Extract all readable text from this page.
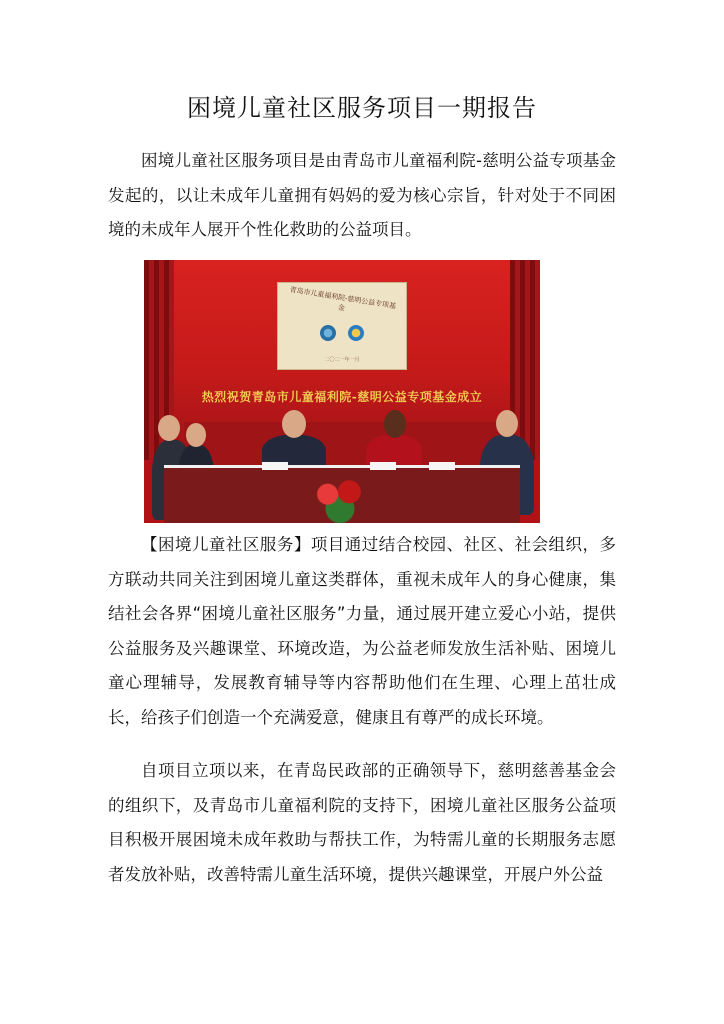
困境儿童社区服务项目一期报告

困境儿童社区服务项目是由青岛市儿童福利院-慈明公益专项基金发起的，以让未成年儿童拥有妈妈的爱为核心宗旨，针对处于不同困境的未成年人展开个性化救助的公益项目。

青岛市儿童福利院-慈明公益专项基金
二〇二一年一月
热烈祝贺青岛市儿童福利院-慈明公益专项基金成立

【困境儿童社区服务】项目通过结合校园、社区、社会组织，多方联动共同关注到困境儿童这类群体，重视未成年人的身心健康，集结社会各界“困境儿童社区服务”力量，通过展开建立爱心小站，提供公益服务及兴趣课堂、环境改造，为公益老师发放生活补贴、困境儿童心理辅导，发展教育辅导等内容帮助他们在生理、心理上茁壮成长，给孩子们创造一个充满爱意，健康且有尊严的成长环境。

自项目立项以来，在青岛民政部的正确领导下，慈明慈善基金会的组织下，及青岛市儿童福利院的支持下，困境儿童社区服务公益项目积极开展困境未成年救助与帮扶工作，为特需儿童的长期服务志愿者发放补贴，改善特需儿童生活环境，提供兴趣课堂，开展户外公益
